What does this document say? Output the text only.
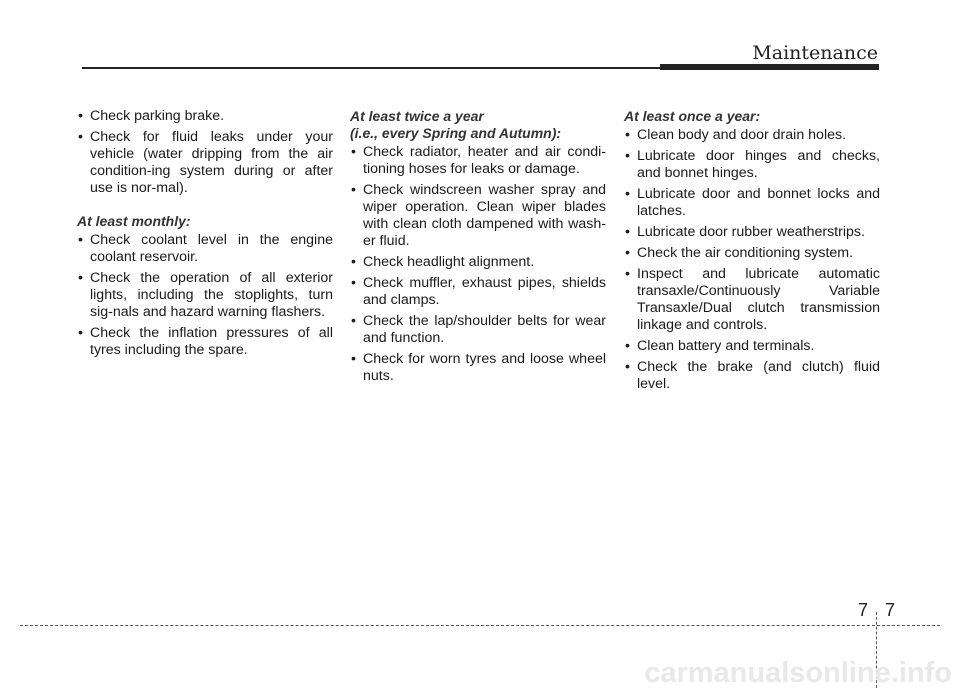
Maintenance
• Check parking brake.
• Check for fluid leaks under your vehicle (water dripping from the air condition-ing system during or after use is nor-mal).
At least monthly:
• Check coolant level in the engine coolant reservoir.
• Check the operation of all exterior lights, including the stoplights, turn sig-nals and hazard warning flashers.
• Check the inflation pressures of all tyres including the spare.
At least twice a year
(i.e., every Spring and Autumn):
• Check radiator, heater and air condi-tioning hoses for leaks or damage.
• Check windscreen washer spray and wiper operation. Clean wiper blades with clean cloth dampened with wash-er fluid.
• Check headlight alignment.
• Check muffler, exhaust pipes, shields and clamps.
• Check the lap/shoulder belts for wear and function.
• Check for worn tyres and loose wheel nuts.
At least once a year:
• Clean body and door drain holes.
• Lubricate door hinges and checks, and bonnet hinges.
• Lubricate door and bonnet locks and latches.
• Lubricate door rubber weatherstrips.
• Check the air conditioning system.
• Inspect and lubricate automatic transaxle/Continuously Variable Transaxle/Dual clutch transmission linkage and controls.
• Clean battery and terminals.
• Check the brake (and clutch) fluid level.
7 7
carmanualsonline.info
